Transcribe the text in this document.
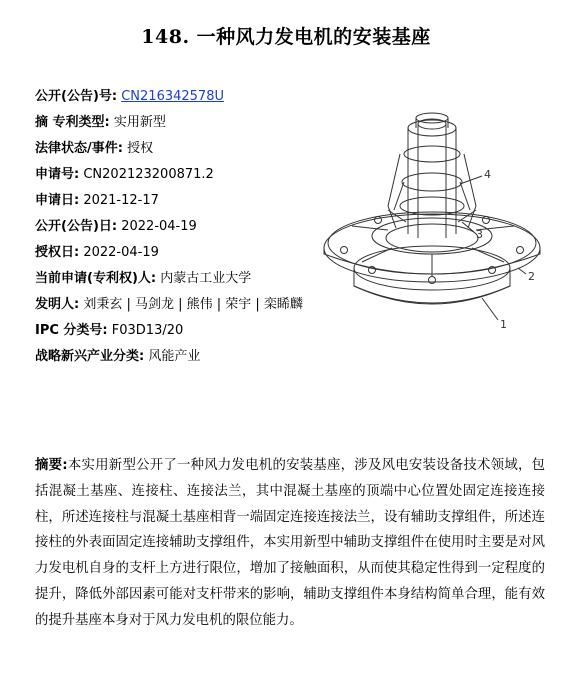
148. 一种风力发电机的安装基座
公开(公告)号: CN216342578U
摘 专利类型: 实用新型
法律状态/事件: 授权
申请号: CN202123200871.2
申请日: 2021-12-17
公开(公告)日: 2022-04-19
授权日: 2022-04-19
当前申请(专利权)人: 内蒙古工业大学
发明人: 刘秉玄 | 马剑龙 | 熊伟 | 荣宇 | 栾睎麟
IPC 分类号: F03D13/20
战略新兴产业分类: 风能产业
4
3
2
1
摘要:本实用新型公开了一种风力发电机的安装基座，涉及风电安装设备技术领域，包括混凝土基座、连接柱、连接法兰，其中混凝土基座的顶端中心位置处固定连接连接柱，所述连接柱与混凝土基座相背一端固定连接连接法兰，设有辅助支撑组件，所述连接柱的外表面固定连接辅助支撑组件，本实用新型中辅助支撑组件在使用时主要是对风力发电机自身的支杆上方进行限位，增加了接触面积，从而使其稳定性得到一定程度的提升，降低外部因素可能对支杆带来的影响，辅助支撑组件本身结构简单合理，能有效的提升基座本身对于风力发电机的限位能力。
